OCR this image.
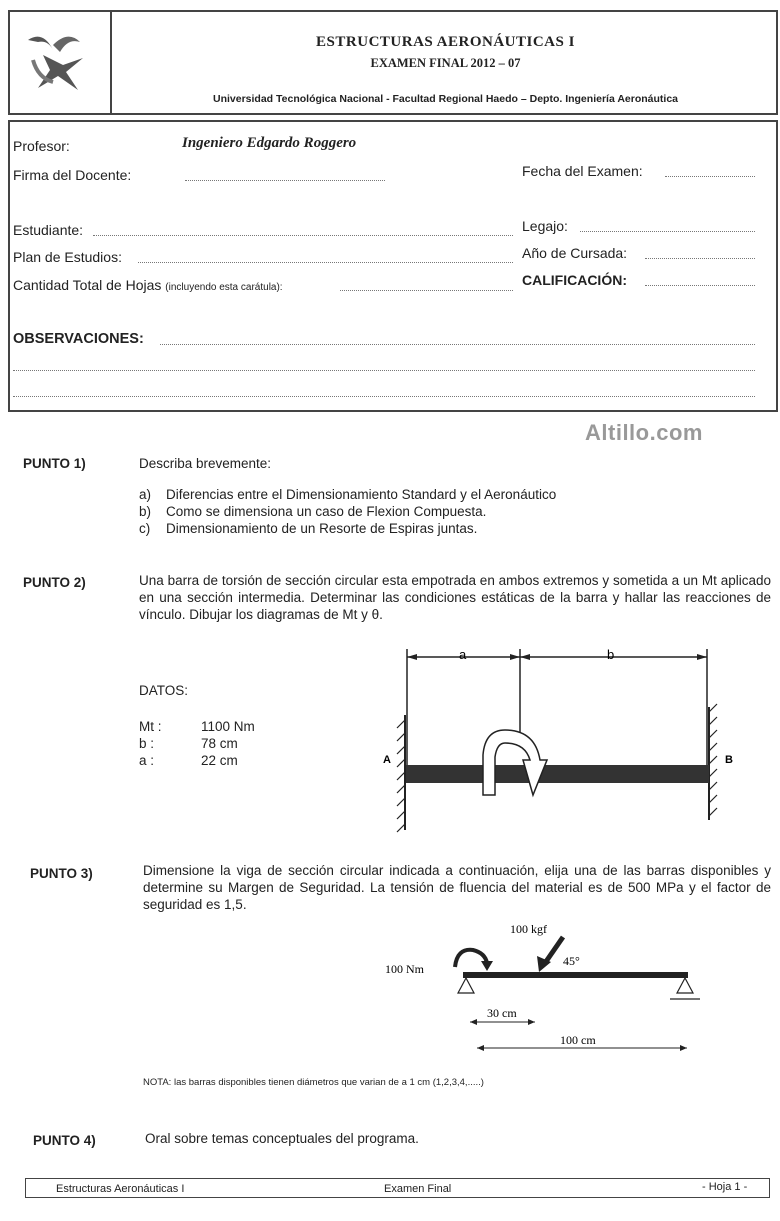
ESTRUCTURAS AERONÁUTICAS I
EXAMEN FINAL 2012 – 07
Universidad Tecnológica Nacional - Facultad Regional Haedo – Depto. Ingeniería Aeronáutica
Profesor:	Ingeniero Edgardo Roggero
Firma del Docente:	Fecha del Examen:
Estudiante:	Legajo:
Plan de Estudios:	Año de Cursada:
Cantidad Total de Hojas (incluyendo esta carátula):	CALIFICACIÓN:
OBSERVACIONES:
Altillo.com
PUNTO 1)	Describa brevemente:
a) Diferencias entre el Dimensionamiento Standard y el Aeronáutico
b) Como se dimensiona un caso de Flexion Compuesta.
c) Dimensionamiento de un Resorte de Espiras juntas.
PUNTO 2)	Una barra de torsión de sección circular esta empotrada en ambos extremos y sometida a un Mt aplicado en una sección intermedia. Determinar las condiciones estáticas de la barra y hallar las reacciones de vínculo. Dibujar los diagramas de Mt y θ.
DATOS:
Mt :	1100 Nm
b :	78 cm
a :	22 cm
a	b
A	B
PUNTO 3)	Dimensione la viga de sección circular indicada a continuación, elija una de las barras disponibles y determine su Margen de Seguridad. La tensión de fluencia del material es de 500 MPa y el factor de seguridad es 1,5.
100 kgf
100 Nm
45°
30 cm
100 cm
NOTA: las barras disponibles tienen diámetros que varian de a 1 cm (1,2,3,4,.....)
PUNTO 4)	Oral sobre temas conceptuales del programa.
Estructuras Aeronáuticas I	Examen Final	- Hoja 1 -
